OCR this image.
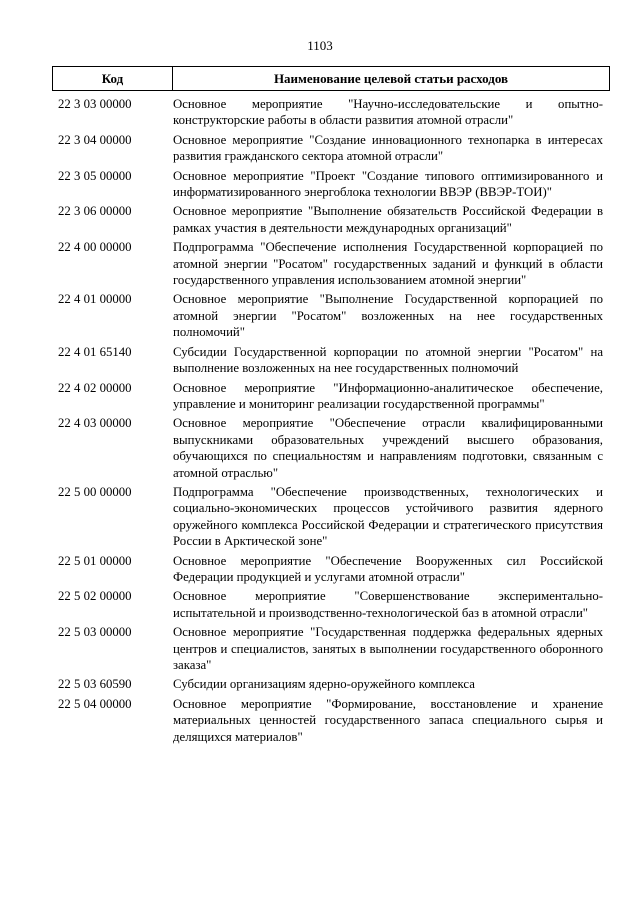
1103
Код	Наименование целевой статьи расходов
22 3 03 00000	Основное мероприятие "Научно-исследовательские и опытно-конструкторские работы в области развития атомной отрасли"
22 3 04 00000	Основное мероприятие "Создание инновационного технопарка в интересах развития гражданского сектора атомной отрасли"
22 3 05 00000	Основное мероприятие "Проект "Создание типового оптимизированного и информатизированного энергоблока технологии ВВЭР (ВВЭР-ТОИ)"
22 3 06 00000	Основное мероприятие "Выполнение обязательств Российской Федерации в рамках участия в деятельности международных организаций"
22 4 00 00000	Подпрограмма "Обеспечение исполнения Государственной корпорацией по атомной энергии "Росатом" государственных заданий и функций в области государственного управления использованием атомной энергии"
22 4 01 00000	Основное мероприятие "Выполнение Государственной корпорацией по атомной энергии "Росатом" возложенных на нее государственных полномочий"
22 4 01 65140	Субсидии Государственной корпорации по атомной энергии "Росатом" на выполнение возложенных на нее государственных полномочий
22 4 02 00000	Основное мероприятие "Информационно-аналитическое обеспечение, управление и мониторинг реализации государственной программы"
22 4 03 00000	Основное мероприятие "Обеспечение отрасли квалифицированными выпускниками образовательных учреждений высшего образования, обучающихся по специальностям и направлениям подготовки, связанным с атомной отраслью"
22 5 00 00000	Подпрограмма "Обеспечение производственных, технологических и социально-экономических процессов устойчивого развития ядерного оружейного комплекса Российской Федерации и стратегического присутствия России в Арктической зоне"
22 5 01 00000	Основное мероприятие "Обеспечение Вооруженных сил Российской Федерации продукцией и услугами атомной отрасли"
22 5 02 00000	Основное мероприятие "Совершенствование экспериментально-испытательной и производственно-технологической баз в атомной отрасли"
22 5 03 00000	Основное мероприятие "Государственная поддержка федеральных ядерных центров и специалистов, занятых в выполнении государственного оборонного заказа"
22 5 03 60590	Субсидии организациям ядерно-оружейного комплекса
22 5 04 00000	Основное мероприятие "Формирование, восстановление и хранение материальных ценностей государственного запаса специального сырья и делящихся материалов"
